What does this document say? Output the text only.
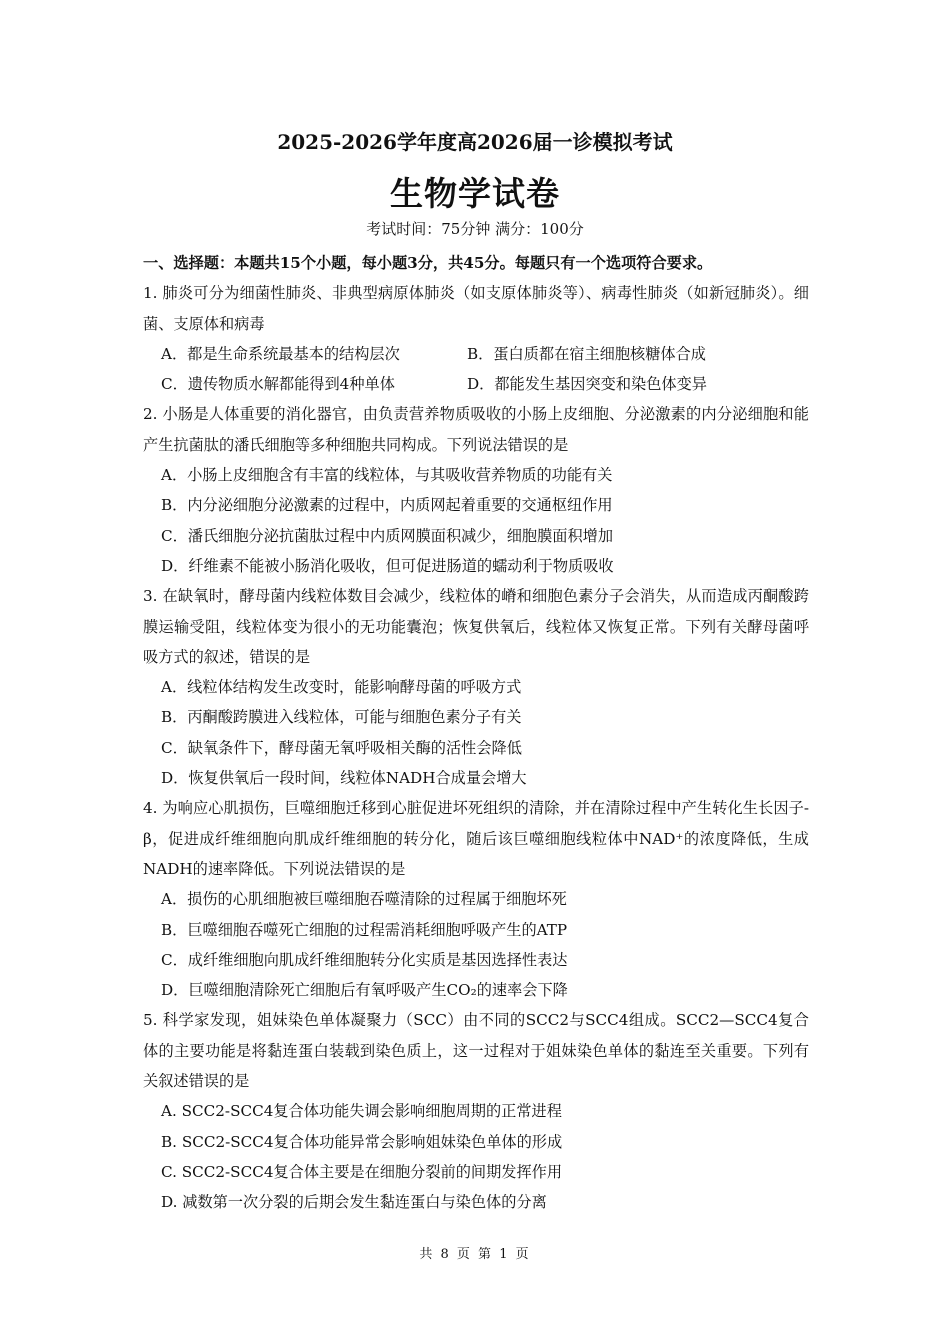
2025-2026学年度高2026届一诊模拟考试
生物学试卷
考试时间：75分钟 满分：100分
一、选择题：本题共15个小题，每小题3分，共45分。每题只有一个选项符合要求。
1. 肺炎可分为细菌性肺炎、非典型病原体肺炎（如支原体肺炎等）、病毒性肺炎（如新冠肺炎）。细菌、支原体和病毒
A．都是生命系统最基本的结构层次	B．蛋白质都在宿主细胞核糖体合成
C．遗传物质水解都能得到4种单体	D．都能发生基因突变和染色体变异
2. 小肠是人体重要的消化器官，由负责营养物质吸收的小肠上皮细胞、分泌激素的内分泌细胞和能产生抗菌肽的潘氏细胞等多种细胞共同构成。下列说法错误的是
A．小肠上皮细胞含有丰富的线粒体，与其吸收营养物质的功能有关
B．内分泌细胞分泌激素的过程中，内质网起着重要的交通枢纽作用
C．潘氏细胞分泌抗菌肽过程中内质网膜面积减少，细胞膜面积增加
D．纤维素不能被小肠消化吸收，但可促进肠道的蠕动利于物质吸收
3. 在缺氧时，酵母菌内线粒体数目会减少，线粒体的嵴和细胞色素分子会消失，从而造成丙酮酸跨膜运输受阻，线粒体变为很小的无功能囊泡；恢复供氧后，线粒体又恢复正常。下列有关酵母菌呼吸方式的叙述，错误的是
A．线粒体结构发生改变时，能影响酵母菌的呼吸方式
B．丙酮酸跨膜进入线粒体，可能与细胞色素分子有关
C．缺氧条件下，酵母菌无氧呼吸相关酶的活性会降低
D．恢复供氧后一段时间，线粒体NADH合成量会增大
4. 为响应心肌损伤，巨噬细胞迁移到心脏促进坏死组织的清除，并在清除过程中产生转化生长因子-β，促进成纤维细胞向肌成纤维细胞的转分化，随后该巨噬细胞线粒体中NAD⁺的浓度降低，生成NADH的速率降低。下列说法错误的是
A．损伤的心肌细胞被巨噬细胞吞噬清除的过程属于细胞坏死
B．巨噬细胞吞噬死亡细胞的过程需消耗细胞呼吸产生的ATP
C．成纤维细胞向肌成纤维细胞转分化实质是基因选择性表达
D．巨噬细胞清除死亡细胞后有氧呼吸产生CO₂的速率会下降
5. 科学家发现，姐妹染色单体凝聚力（SCC）由不同的SCC2与SCC4组成。SCC2—SCC4复合体的主要功能是将黏连蛋白装载到染色质上，这一过程对于姐妹染色单体的黏连至关重要。下列有关叙述错误的是
A. SCC2-SCC4复合体功能失调会影响细胞周期的正常进程
B. SCC2-SCC4复合体功能异常会影响姐妹染色单体的形成
C. SCC2-SCC4复合体主要是在细胞分裂前的间期发挥作用
D. 减数第一次分裂的后期会发生黏连蛋白与染色体的分离
共 8 页 第 1 页
